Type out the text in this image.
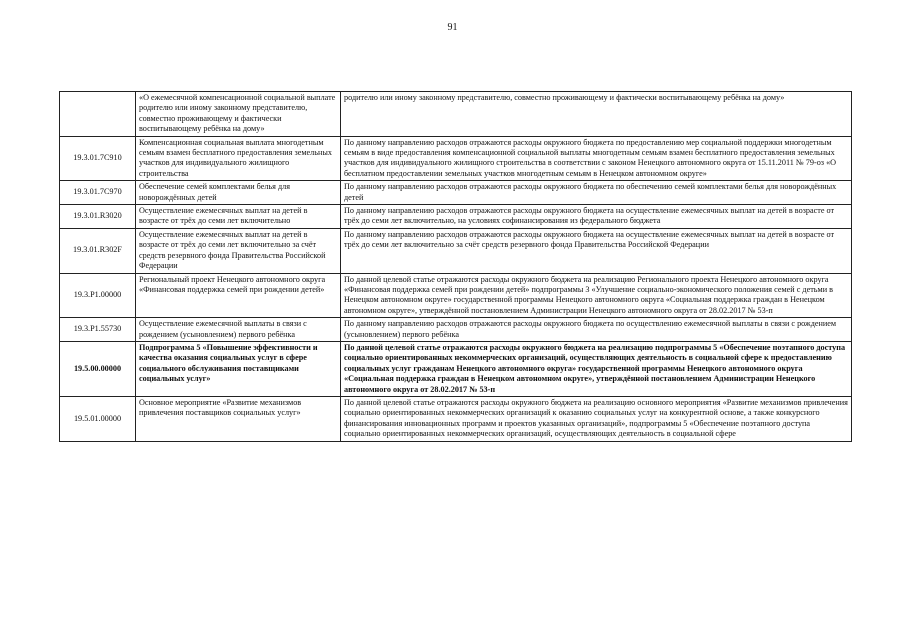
91
	«О ежемесячной компенсационной социальной выплате родителю или иному законному представителю, совместно проживающему и фактически воспитывающему ребёнка на дому»	родителю или иному законному представителю, совместно проживающему и фактически воспитывающему ребёнка на дому»
19.3.01.7С910	Компенсационная социальная выплата многодетным семьям взамен бесплатного предоставления земельных участков для индивидуального жилищного строительства	По данному направлению расходов отражаются расходы окружного бюджета по предоставлению мер социальной поддержки многодетным семьям в виде предоставления компенсационной социальной выплаты многодетным семьям взамен бесплатного предоставления земельных участков для индивидуального жилищного строительства в соответствии с законом Ненецкого автономного округа от 15.11.2011 № 79-оз «О бесплатном предоставлении земельных участков многодетным семьям в Ненецком автономном округе»
19.3.01.7С970	Обеспечение семей комплектами белья для новорождённых детей	По данному направлению расходов отражаются расходы окружного бюджета по обеспечению семей комплектами белья для новорождённых детей
19.3.01.R3020	Осуществление ежемесячных выплат на детей в возрасте от трёх до семи лет включительно	По данному направлению расходов отражаются расходы окружного бюджета на осуществление ежемесячных выплат на детей в возрасте от трёх до семи лет включительно, на условиях софинансирования из федерального бюджета
19.3.01.R302F	Осуществление ежемесячных выплат на детей в возрасте от трёх до семи лет включительно за счёт средств резервного фонда Правительства Российской Федерации	По данному направлению расходов отражаются расходы окружного бюджета на осуществление ежемесячных выплат на детей в возрасте от трёх до семи лет включительно за счёт средств резервного фонда Правительства Российской Федерации
19.3.P1.00000	Региональный проект Ненецкого автономного округа «Финансовая поддержка семей при рождении детей»	По данной целевой статье отражаются расходы окружного бюджета на реализацию Регионального проекта Ненецкого автономного округа «Финансовая поддержка семей при рождении детей» подпрограммы 3 «Улучшение социально-экономического положения семей с детьми в Ненецком автономном округе» государственной программы Ненецкого автономного округа «Социальная поддержка граждан в Ненецком автономном округе», утверждённой постановлением Администрации Ненецкого автономного округа от 28.02.2017 № 53-п
19.3.P1.55730	Осуществление ежемесячной выплаты в связи с рождением (усыновлением) первого ребёнка	По данному направлению расходов отражаются расходы окружного бюджета по осуществлению ежемесячной выплаты в связи с рождением (усыновлением) первого ребёнка
19.5.00.00000	Подпрограмма 5 «Повышение эффективности и качества оказания социальных услуг в сфере социального обслуживания поставщиками социальных услуг»	По данной целевой статье отражаются расходы окружного бюджета на реализацию подпрограммы 5 «Обеспечение поэтапного доступа социально ориентированных некоммерческих организаций, осуществляющих деятельность в социальной сфере к предоставлению социальных услуг гражданам Ненецкого автономного округа» государственной программы Ненецкого автономного округа «Социальная поддержка граждан в Ненецком автономном округе», утверждённой постановлением Администрации Ненецкого автономного округа от 28.02.2017 № 53-п
19.5.01.00000	Основное мероприятие «Развитие механизмов привлечения поставщиков социальных услуг»	По данной целевой статье отражаются расходы окружного бюджета на реализацию основного мероприятия «Развитие механизмов привлечения социально ориентированных некоммерческих организаций к оказанию социальных услуг на конкурентной основе, а также конкурсного финансирования инновационных программ и проектов указанных организаций», подпрограммы 5 «Обеспечение поэтапного доступа социально ориентированных некоммерческих организаций, осуществляющих деятельность в социальной сфере
